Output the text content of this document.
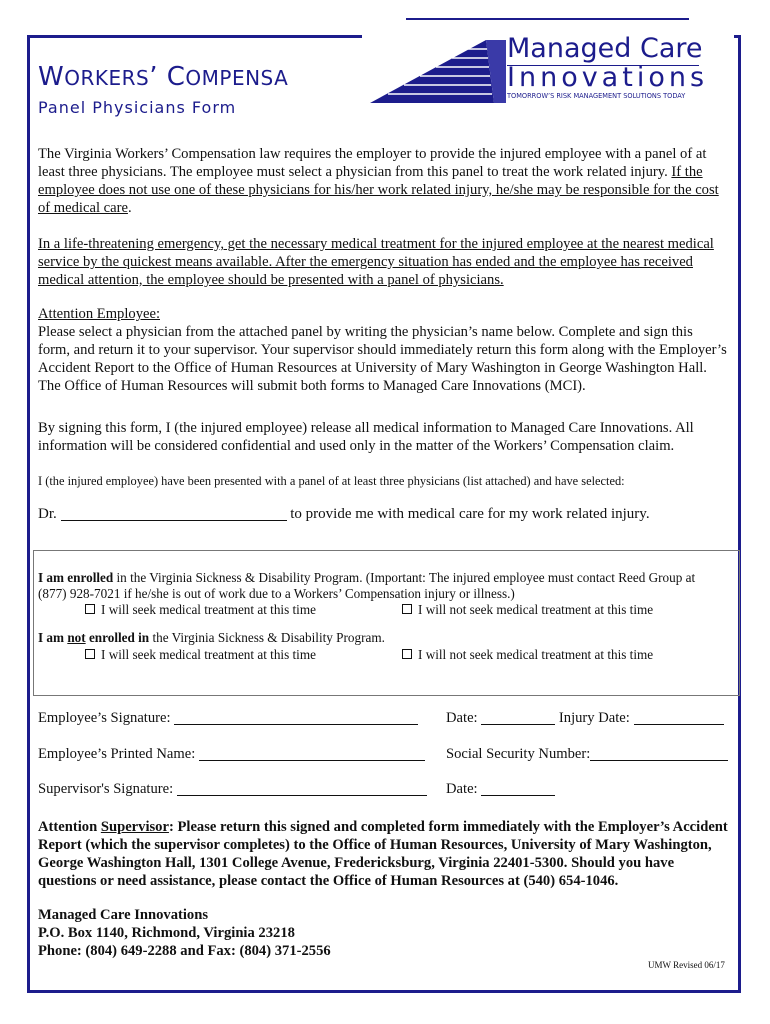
WORKERS’ COMPENSA
Panel Physicians Form
Managed Care
Innovations
TOMORROW’S RISK MANAGEMENT SOLUTIONS TODAY
The Virginia Workers’ Compensation law requires the employer to provide the injured employee with a panel of at least three physicians. The employee must select a physician from this panel to treat the work related injury. If the employee does not use one of these physicians for his/her work related injury, he/she may be responsible for the cost of medical care.
In a life-threatening emergency, get the necessary medical treatment for the injured employee at the nearest medical service by the quickest means available. After the emergency situation has ended and the employee has received medical attention, the employee should be presented with a panel of physicians.
Attention Employee:
Please select a physician from the attached panel by writing the physician’s name below. Complete and sign this form, and return it to your supervisor. Your supervisor should immediately return this form along with the Employer’s Accident Report to the Office of Human Resources at University of Mary Washington in George Washington Hall. The Office of Human Resources will submit both forms to Managed Care Innovations (MCI).
By signing this form, I (the injured employee) release all medical information to Managed Care Innovations. All information will be considered confidential and used only in the matter of the Workers’ Compensation claim.
I (the injured employee) have been presented with a panel of at least three physicians (list attached) and have selected:
Dr.	to provide me with medical care for my work related injury.
I am enrolled in the Virginia Sickness & Disability Program. (Important: The injured employee must contact Reed Group at
(877) 928-7021 if he/she is out of work due to a Workers’ Compensation injury or illness.)
I will seek medical treatment at this time	I will not seek medical treatment at this time
I am not enrolled in the Virginia Sickness & Disability Program.
I will seek medical treatment at this time	I will not seek medical treatment at this time
Employee’s Signature:	Date:	Injury Date:
Employee’s Printed Name:	Social Security Number:
Supervisor's Signature:	Date:
Attention Supervisor: Please return this signed and completed form immediately with the Employer’s Accident Report (which the supervisor completes) to the Office of Human Resources, University of Mary Washington, George Washington Hall, 1301 College Avenue, Fredericksburg, Virginia 22401-5300. Should you have questions or need assistance, please contact the Office of Human Resources at (540) 654-1046.
Managed Care Innovations
P.O. Box 1140, Richmond, Virginia 23218
Phone: (804) 649-2288 and Fax: (804) 371-2556
UMW Revised 06/17
